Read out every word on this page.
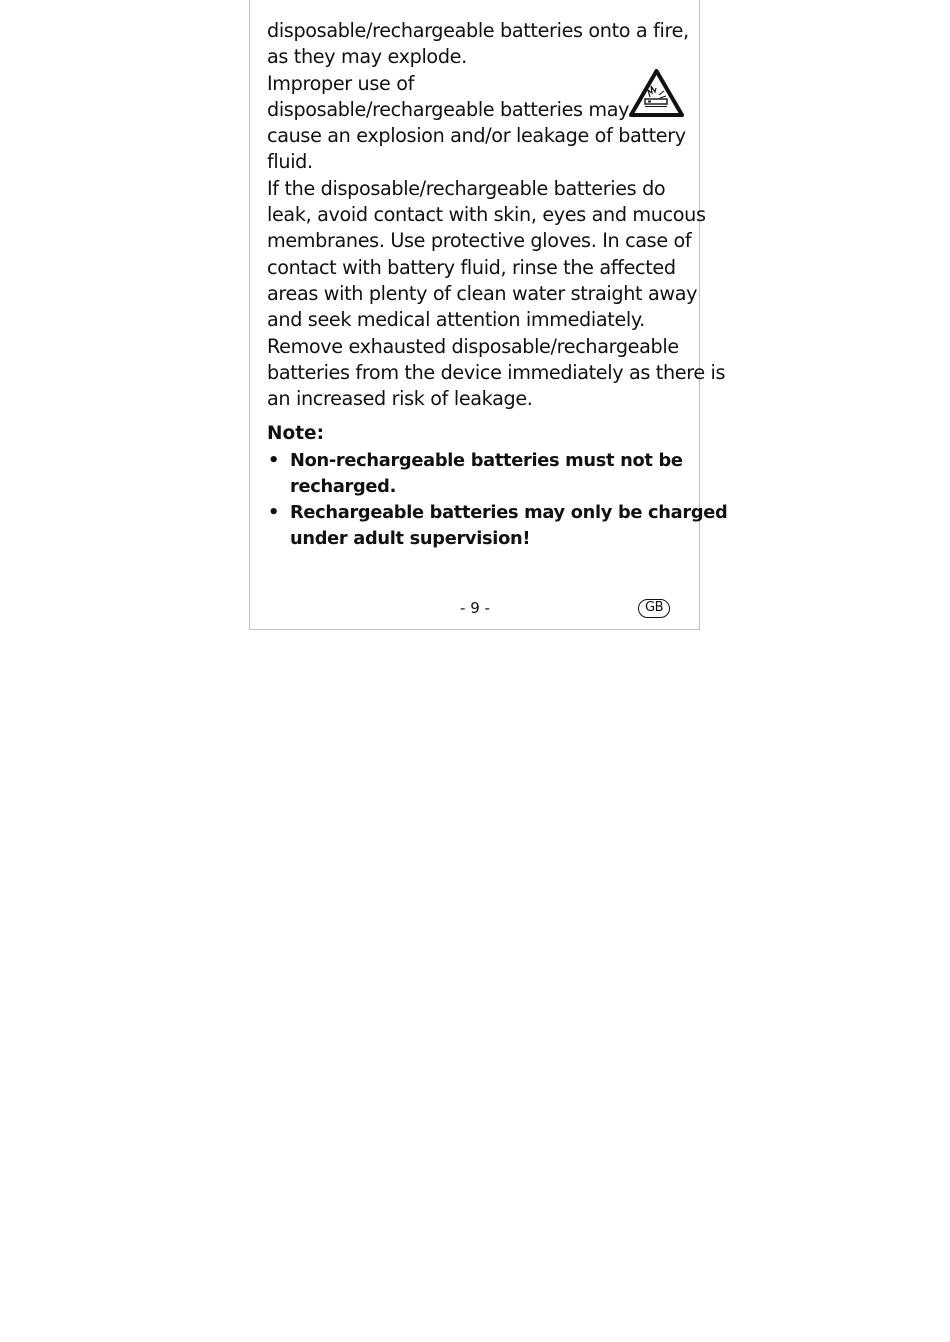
disposable/rechargeable batteries onto a fire,
as they may explode.
Improper use of
disposable/rechargeable batteries may
cause an explosion and/or leakage of battery
fluid.
If the disposable/rechargeable batteries do
leak, avoid contact with skin, eyes and mucous
membranes. Use protective gloves. In case of
contact with battery fluid, rinse the affected
areas with plenty of clean water straight away
and seek medical attention immediately.
Remove exhausted disposable/rechargeable
batteries from the device immediately as there is
an increased risk of leakage.
Note:
• Non-rechargeable batteries must not be
recharged.
• Rechargeable batteries may only be charged
under adult supervision!
- 9 -	GB
